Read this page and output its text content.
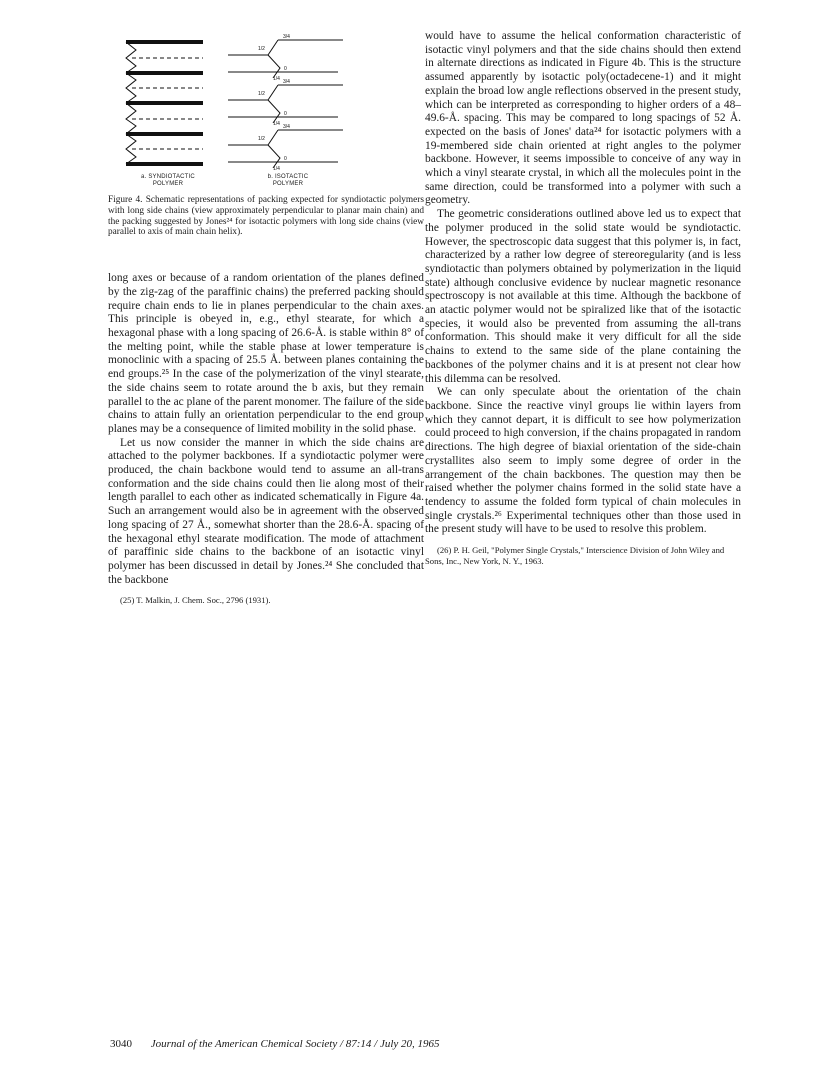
3/4
1/2
1/4
0
3/4
1/2
1/4
0
3/4
1/2
1/4
0
a. SYNDIOTACTIC
POLYMER
b. ISOTACTIC
POLYMER

Figure 4. Schematic representations of packing expected for syndiotactic polymers with long side chains (view approximately perpendicular to planar main chain) and the packing suggested by Jones²⁴ for isotactic polymers with long side chains (view parallel to axis of main chain helix).

long axes or because of a random orientation of the planes defined by the zig-zag of the paraffinic chains) the preferred packing should require chain ends to lie in planes perpendicular to the chain axes. This principle is obeyed in, e.g., ethyl stearate, for which a hexagonal phase with a long spacing of 26.6-Å. is stable within 8° of the melting point, while the stable phase at lower temperature is monoclinic with a spacing of 25.5 Å. between planes containing the end groups.²⁵ In the case of the polymerization of the vinyl stearate, the side chains seem to rotate around the b axis, but they remain parallel to the ac plane of the parent monomer. The failure of the side chains to attain fully an orientation perpendicular to the end group planes may be a consequence of limited mobility in the solid phase.

Let us now consider the manner in which the side chains are attached to the polymer backbones. If a syndiotactic polymer were produced, the chain backbone would tend to assume an all-trans conformation and the side chains could then lie along most of their length parallel to each other as indicated schematically in Figure 4a. Such an arrangement would also be in agreement with the observed long spacing of 27 Å., somewhat shorter than the 28.6-Å. spacing of the hexagonal ethyl stearate modification. The mode of attachment of paraffinic side chains to the backbone of an isotactic vinyl polymer has been discussed in detail by Jones.²⁴ She concluded that the backbone

(25) T. Malkin, J. Chem. Soc., 2796 (1931).

would have to assume the helical conformation characteristic of isotactic vinyl polymers and that the side chains should then extend in alternate directions as indicated in Figure 4b. This is the structure assumed apparently by isotactic poly(octadecene-1) and it might explain the broad low angle reflections observed in the present study, which can be interpreted as corresponding to higher orders of a 48–49.6-Å. spacing. This may be compared to long spacings of 52 Å. expected on the basis of Jones' data²⁴ for isotactic polymers with a 19-membered side chain oriented at right angles to the polymer backbone. However, it seems impossible to conceive of any way in which a vinyl stearate crystal, in which all the molecules point in the same direction, could be transformed into a polymer with such a geometry.

The geometric considerations outlined above led us to expect that the polymer produced in the solid state would be syndiotactic. However, the spectroscopic data suggest that this polymer is, in fact, characterized by a rather low degree of stereoregularity (and is less syndiotactic than polymers obtained by polymerization in the liquid state) although conclusive evidence by nuclear magnetic resonance spectroscopy is not available at this time. Although the backbone of an atactic polymer would not be spiralized like that of the isotactic species, it would also be prevented from assuming the all-trans conformation. This should make it very difficult for all the side chains to extend to the same side of the plane containing the backbones of the polymer chains and it is at present not clear how this dilemma can be resolved.

We can only speculate about the orientation of the chain backbone. Since the reactive vinyl groups lie within layers from which they cannot depart, it is difficult to see how polymerization could proceed to high conversion, if the chains propagated in random directions. The high degree of biaxial orientation of the side-chain crystallites also seem to imply some degree of order in the arrangement of the chain backbones. The question may then be raised whether the polymer chains formed in the solid state have a tendency to assume the folded form typical of chain molecules in single crystals.²⁶ Experimental techniques other than those used in the present study will have to be used to resolve this problem.

(26) P. H. Geil, "Polymer Single Crystals," Interscience Division of John Wiley and Sons, Inc., New York, N. Y., 1963.

3040 Journal of the American Chemical Society / 87:14 / July 20, 1965
